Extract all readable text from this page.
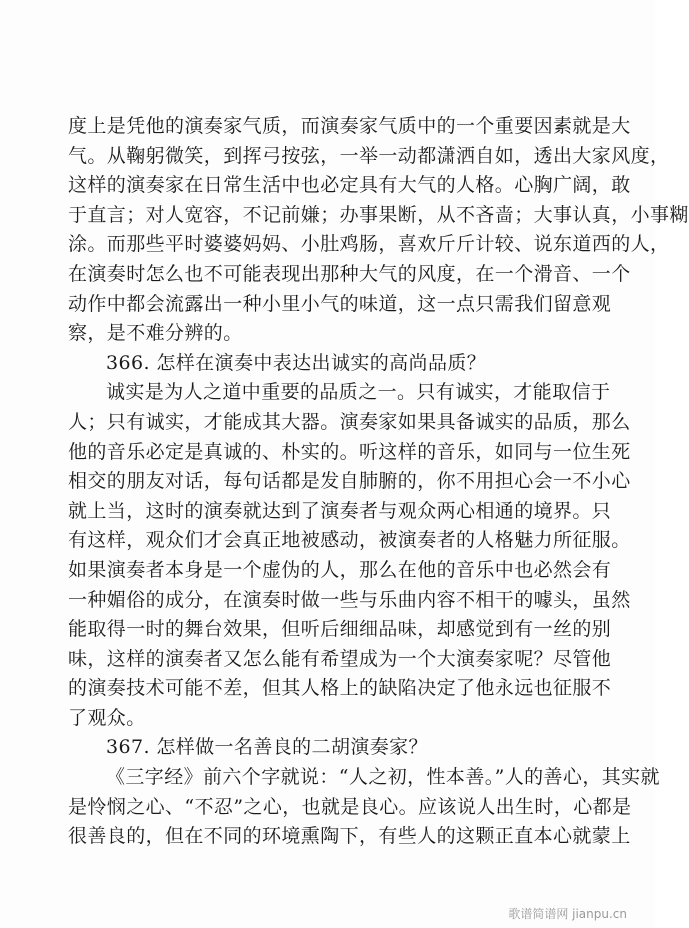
度上是凭他的演奏家气质，而演奏家气质中的一个重要因素就是大
气。从鞠躬微笑，到挥弓按弦，一举一动都潇洒自如，透出大家风度，
这样的演奏家在日常生活中也必定具有大气的人格。心胸广阔，敢
于直言；对人宽容，不记前嫌；办事果断，从不吝啬；大事认真，小事糊
涂。而那些平时婆婆妈妈、小肚鸡肠，喜欢斤斤计较、说东道西的人，
在演奏时怎么也不可能表现出那种大气的风度，在一个滑音、一个
动作中都会流露出一种小里小气的味道，这一点只需我们留意观
察，是不难分辨的。
366. 怎样在演奏中表达出诚实的高尚品质？
诚实是为人之道中重要的品质之一。只有诚实，才能取信于
人；只有诚实，才能成其大器。演奏家如果具备诚实的品质，那么
他的音乐必定是真诚的、朴实的。听这样的音乐，如同与一位生死
相交的朋友对话，每句话都是发自肺腑的，你不用担心会一不小心
就上当，这时的演奏就达到了演奏者与观众两心相通的境界。只
有这样，观众们才会真正地被感动，被演奏者的人格魅力所征服。
如果演奏者本身是一个虚伪的人，那么在他的音乐中也必然会有
一种媚俗的成分，在演奏时做一些与乐曲内容不相干的噱头，虽然
能取得一时的舞台效果，但听后细细品味，却感觉到有一丝的别
味，这样的演奏者又怎么能有希望成为一个大演奏家呢？尽管他
的演奏技术可能不差，但其人格上的缺陷决定了他永远也征服不
了观众。
367. 怎样做一名善良的二胡演奏家？
《三字经》前六个字就说：“人之初，性本善。”人的善心，其实就
是怜悯之心、“不忍”之心，也就是良心。应该说人出生时，心都是
很善良的，但在不同的环境熏陶下，有些人的这颗正直本心就蒙上
歌谱简谱网 jianpu.cn
